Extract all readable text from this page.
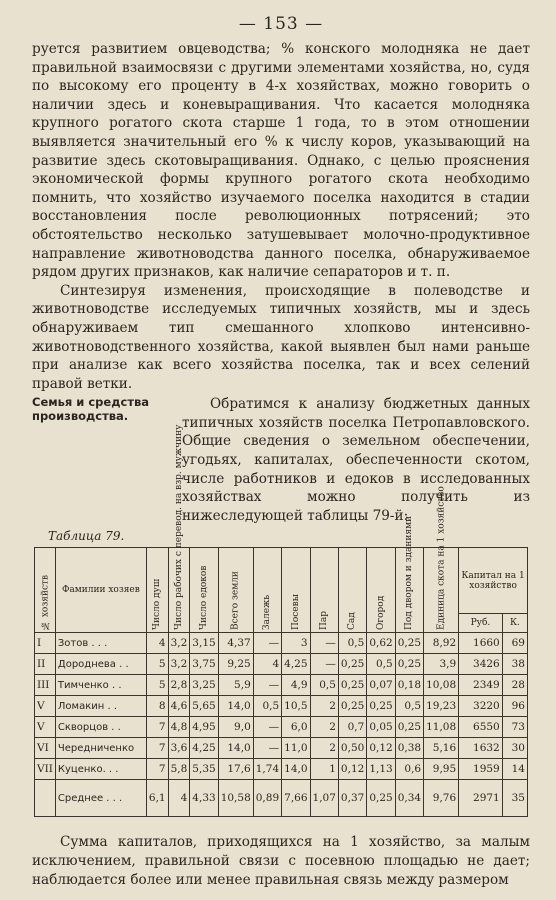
— 153 —

руется развитием овцеводства; % конского молодняка не дает правильной взаимосвязи с другими элементами хозяйства, но, судя по высокому его проценту в 4-х хозяйствах, можно говорить о наличии здесь и коневыращивания. Что касается молодняка крупного рогатого скота старше 1 года, то в этом отношении выявляется значительный его % к числу коров, указывающий на развитие здесь скотовыращивания. Однако, с целью прояснения экономической формы крупного рогатого скота необходимо помнить, что хозяйство изучаемого поселка находится в стадии восстановления после революционных потрясений; это обстоятельство несколько затушевывает молочно-продуктивное направление животноводства данного поселка, обнаруживаемое рядом других признаков, как наличие сепараторов и т. п.

Синтезируя изменения, происходящие в полеводстве и животноводстве исследуемых типичных хозяйств, мы и здесь обнаруживаем тип смешанного хлопково интенсивно-животноводственного хозяйства, какой выявлен был нами раньше при анализе как всего хозяйства поселка, так и всех селений правой ветки.

Семья и средства производства.

Обратимся к анализу бюджетных данных типичных хозяйств поселка Петропавловского. Общие сведения о земельном обеспечении, угодьях, капиталах, обеспеченности скотом, числе работников и едоков в исследованных хозяйствах можно получить из нижеследующей таблицы 79-й:

Таблица 79.
№ хозяйств	Фамилии хозяев	Число душ	Число рабочих с перевод. на взр. мужчину	Число едоков	Всего земли	Залежь	Посевы	Пар	Сад	Огород	Под двором и зданиями	Единица скота на 1 хозяйство	Капитал на 1 хозяйство	
													Руб.	К.
I	Зотов . . .	4	3,2	3,15	4,37	—	3	—	0,5	0,62	0,25	8,92	1660	69
II	Дороднева . .	5	3,2	3,75	9,25	4	4,25	—	0,25	0,5	0,25	3,9	3426	38
III	Тимченко . .	5	2,8	3,25	5,9	—	4,9	0,5	0,25	0,07	0,18	10,08	2349	28
V	Ломакин . .	8	4,6	5,65	14,0	0,5	10,5	2	0,25	0,25	0,5	19,23	3220	96
V	Скворцов . .	7	4,8	4,95	9,0	—	6,0	2	0,7	0,05	0,25	11,08	6550	73
VI	Чередниченко	7	3,6	4,25	14,0	—	11,0	2	0,50	0,12	0,38	5,16	1632	30
VII	Куценко. . .	7	5,8	5,35	17,6	1,74	14,0	1	0,12	1,13	0,6	9,95	1959	14
	Среднее . . .	6,1	4	4,33	10,58	0,89	7,66	1,07	0,37	0,25	0,34	9,76	2971	35

Сумма капиталов, приходящихся на 1 хозяйство, за малым исключением, правильной связи с посевною площадью не дает; наблюдается более или менее правильная связь между размером
